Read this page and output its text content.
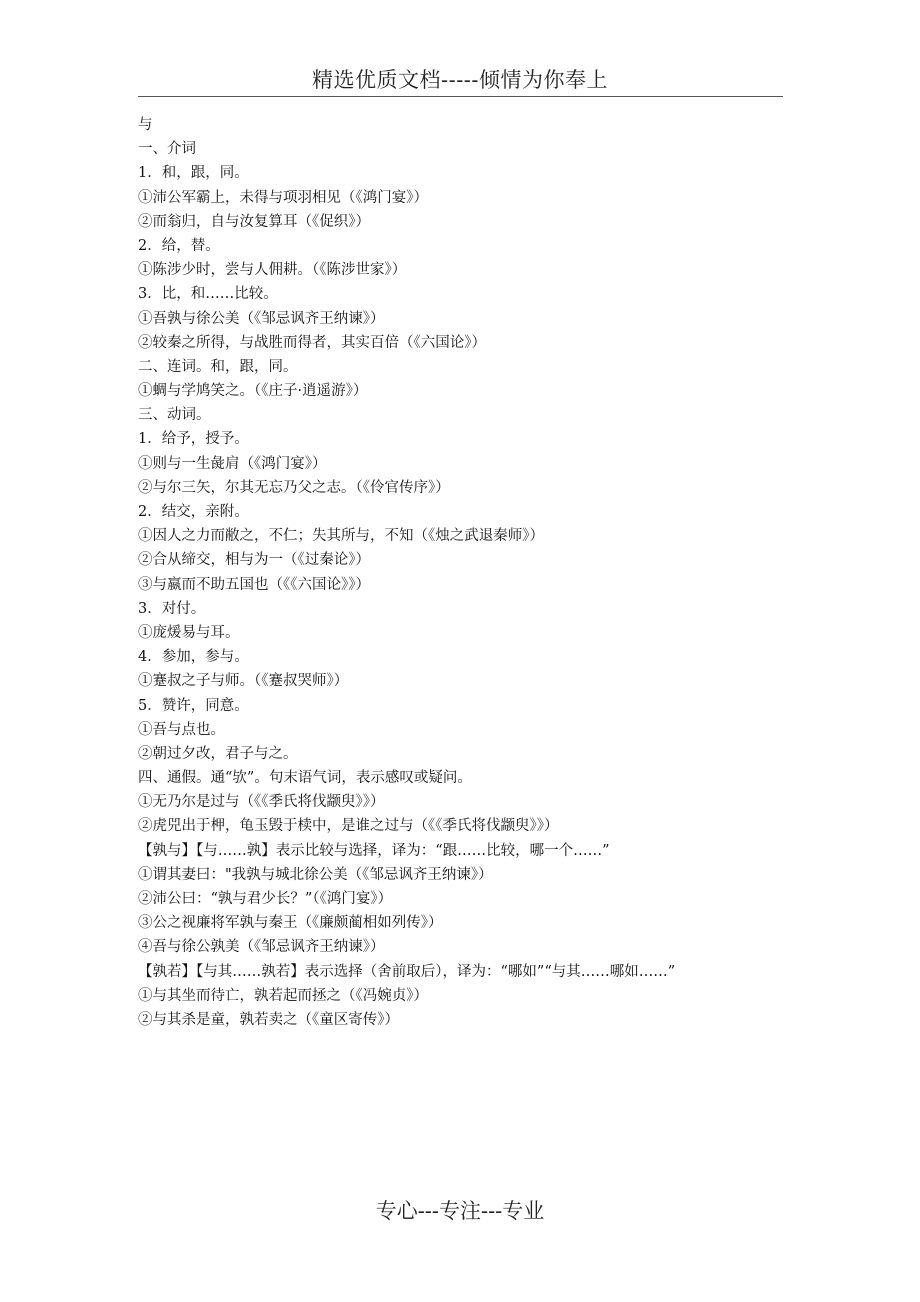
精选优质文档-----倾情为你奉上
与
一、介词
1．和，跟，同。
①沛公军霸上，未得与项羽相见（《鸿门宴》）
②而翁归，自与汝复算耳（《促织》）
2．给，替。
①陈涉少时，尝与人佣耕。（《陈涉世家》）
3．比，和……比较。
①吾孰与徐公美（《邹忌讽齐王纳谏》）
②较秦之所得，与战胜而得者，其实百倍（《六国论》）
二、连词。和，跟，同。
①蜩与学鸠笑之。（《庄子·逍遥游》）
三、动词。
1．给予，授予。
①则与一生彘肩（《鸿门宴》）
②与尔三矢，尔其无忘乃父之志。（《伶官传序》）
2．结交，亲附。
①因人之力而敝之，不仁；失其所与，不知（《烛之武退秦师》）
②合从缔交，相与为一（《过秦论》）
③与嬴而不助五国也（《《六国论》》）
3．对付。
①庞煖易与耳。
4．参加，参与。
①蹇叔之子与师。（《蹇叔哭师》）
5．赞许，同意。
①吾与点也。
②朝过夕改，君子与之。
四、通假。通“欤”。句末语气词，表示感叹或疑问。
①无乃尔是过与（《《季氏将伐颛臾》》）
②虎兕出于柙，龟玉毁于椟中，是谁之过与（《《季氏将伐颛臾》》）
【孰与】【与……孰】表示比较与选择，译为：“跟……比较，哪一个……”
①谓其妻曰："我孰与城北徐公美（《邹忌讽齐王纳谏》）
②沛公曰：“孰与君少长？”（《鸿门宴》）
③公之视廉将军孰与秦王（《廉颇蔺相如列传》）
④吾与徐公孰美（《邹忌讽齐王纳谏》）
【孰若】【与其……孰若】表示选择（舍前取后），译为：“哪如”“与其……哪如……”
①与其坐而待亡，孰若起而拯之（《冯婉贞》）
②与其杀是童，孰若卖之（《童区寄传》）
专心---专注---专业
